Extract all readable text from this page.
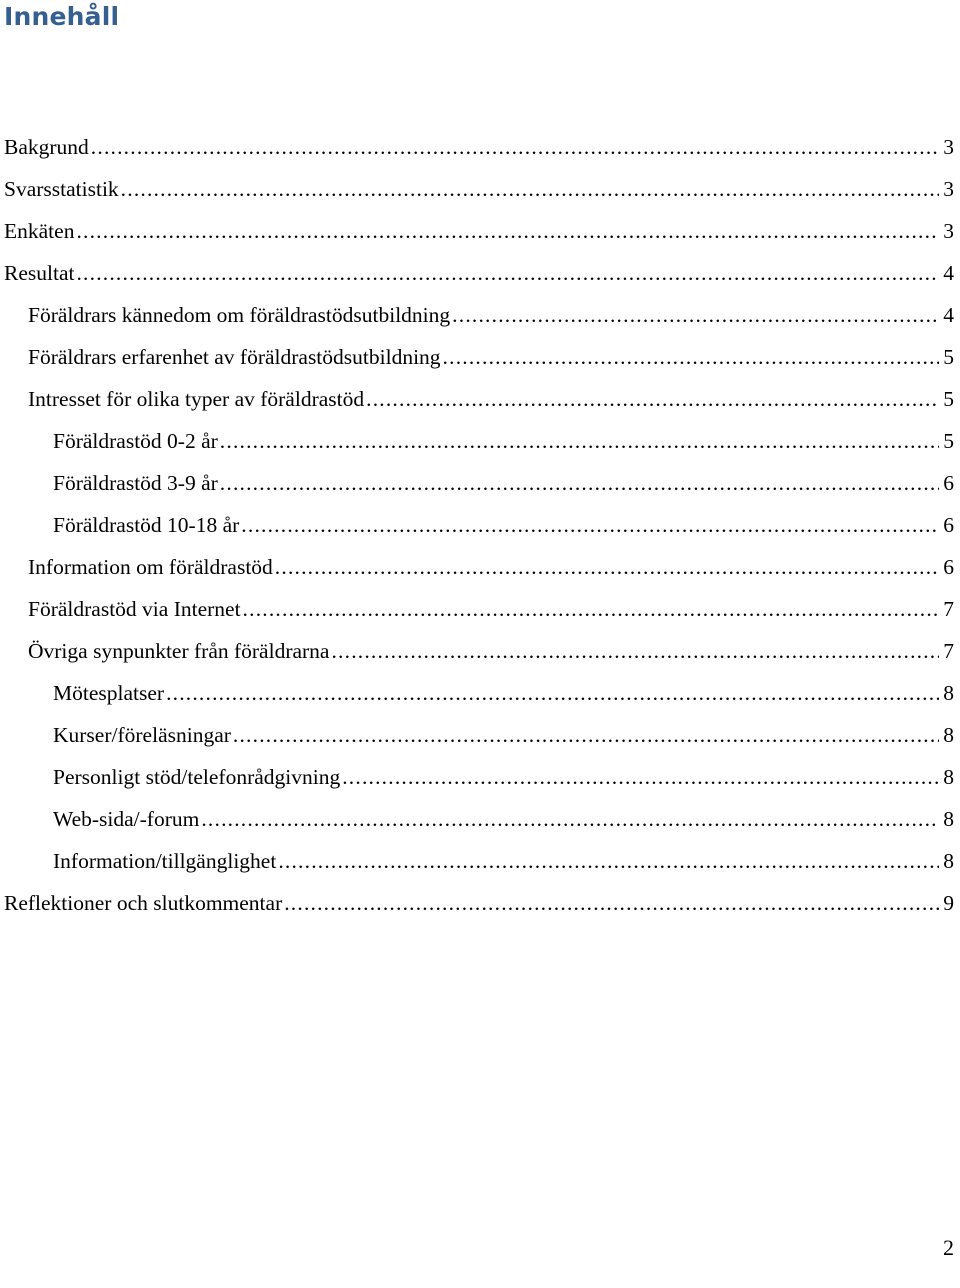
Innehåll
Bakgrund .....	3
Svarsstatistik .....	3
Enkäten .....	3
Resultat .....	4
Föräldrars kännedom om föräldrastödsutbildning .....	4
Föräldrars erfarenhet av föräldrastödsutbildning .....	5
Intresset för olika typer av föräldrastöd .....	5
Föräldrastöd 0-2 år .....	5
Föräldrastöd 3-9 år .....	6
Föräldrastöd 10-18 år .....	6
Information om föräldrastöd .....	6
Föräldrastöd via Internet .....	7
Övriga synpunkter från föräldrarna .....	7
Mötesplatser .....	8
Kurser/föreläsningar .....	8
Personligt stöd/telefonrådgivning .....	8
Web-sida/-forum .....	8
Information/tillgänglighet .....	8
Reflektioner och slutkommentar .....	9
2
